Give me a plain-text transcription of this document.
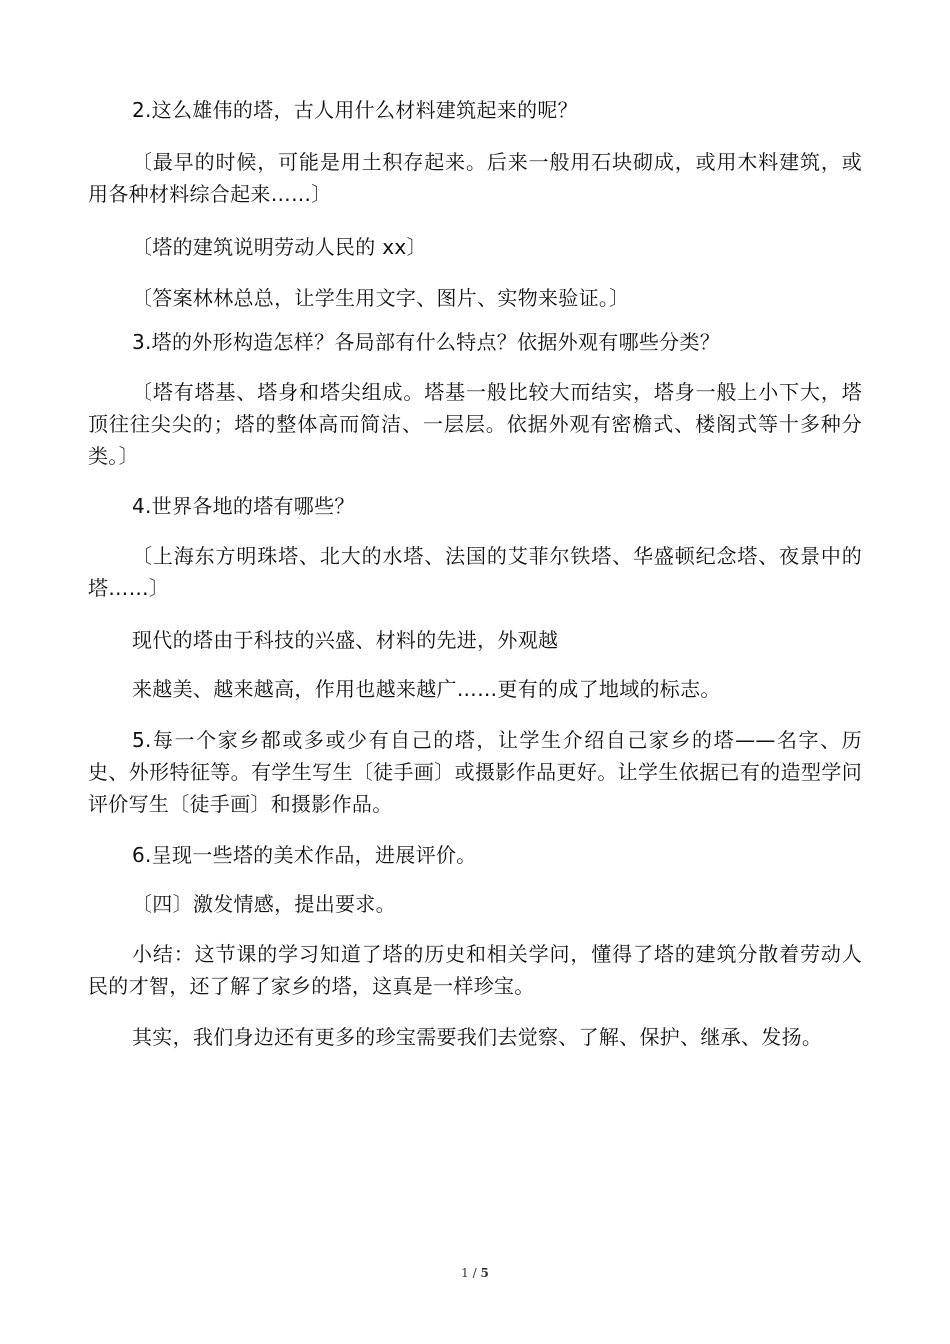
2.这么雄伟的塔，古人用什么材料建筑起来的呢？

〔最早的时候，可能是用土积存起来。后来一般用石块砌成，或用木料建筑，或用各种材料综合起来……〕

〔塔的建筑说明劳动人民的 xx〕

〔答案林林总总，让学生用文字、图片、实物来验证。〕

3.塔的外形构造怎样？各局部有什么特点？依据外观有哪些分类？

〔塔有塔基、塔身和塔尖组成。塔基一般比较大而结实，塔身一般上小下大，塔顶往往尖尖的；塔的整体高而简洁、一层层。依据外观有密檐式、楼阁式等十多种分类。〕

4.世界各地的塔有哪些？

〔上海东方明珠塔、北大的水塔、法国的艾菲尔铁塔、华盛顿纪念塔、夜景中的塔……〕

现代的塔由于科技的兴盛、材料的先进，外观越

来越美、越来越高，作用也越来越广……更有的成了地域的标志。

5.每一个家乡都或多或少有自己的塔，让学生介绍自己家乡的塔——名字、历史、外形特征等。有学生写生〔徒手画〕或摄影作品更好。让学生依据已有的造型学问评价写生〔徒手画〕和摄影作品。

6.呈现一些塔的美术作品，进展评价。

〔四〕激发情感，提出要求。

小结：这节课的学习知道了塔的历史和相关学问，懂得了塔的建筑分散着劳动人民的才智，还了解了家乡的塔，这真是一样珍宝。

其实，我们身边还有更多的珍宝需要我们去觉察、了解、保护、继承、发扬。

1 / 5
